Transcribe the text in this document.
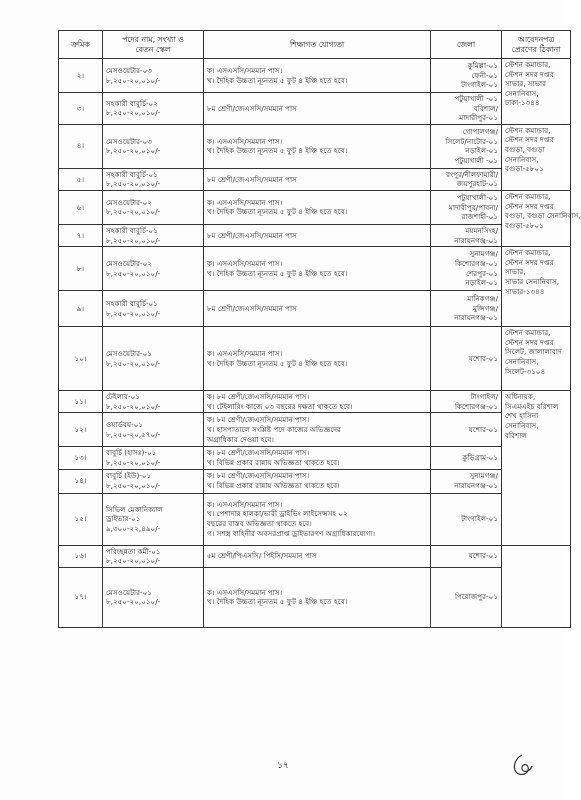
ক্রমিক	পদের নাম, সংখ্যা ও
বেতন স্কেল	শিক্ষাগত যোগ্যতা	জেলা	আবেদনপত্র
প্রেরণের ঠিকানা

২।	মেসওয়েটার-০৩
৮,২৫০-২০,০১০/-	ক। এসএসসি/সমমান পাস।
খ। দৈহিক উচ্চতা ন্যূনতম ৫ ফুট ৪ ইঞ্চি হতে হবে।	কুমিল্লা-০১
ফেনী-০১
টাংগাইল-০১	স্টেশন কমান্ডার,
স্টেশন সদর দপ্তর
সাভার, সাভার
সেনানিবাস,
ঢাকা-১৩৪৪

৩।	সহকারী বাবুর্চি-০২
৮,২৫০-২০,০১০/-	৮ম শ্রেণী/জেএসসি/সমমান পাস	পটুয়াখালী -০১
বরিশাল/
মাদারীপুর-০১	

৪।	মেসওয়েটার-০৩
৮,২৫০-২০,০১০/-	ক। এসএসসি/সমমান পাস।
খ। দৈহিক উচ্চতা ন্যূনতম ৫ ফুট ৪ ইঞ্চি হতে হবে।	গোপালগঞ্জ/
সিলেট/নাটোর-০১
নড়াইল-০১
পটুয়াখালী -০১	স্টেশন কমান্ডার,
স্টেশন সদর দপ্তর
বগুড়া, বগুড়া
সেনানিবাস,
বগুড়া-৫৮০১

৫।	সহকারী বাবুর্চি-০১
৮,২৫০-২০,০১০/-	৮ম শ্রেণী/জেএসসি/সমমান পাস	রংপুর/নীলফামারী/
জয়পুরহাট-০১	

৬।	মেসওয়েটার-০২
৮,২৫০-২০,০১০/-	ক। এসএসসি/সমমান পাস।
খ। দৈহিক উচ্চতা ন্যূনতম ৫ ফুট ৪ ইঞ্চি হতে হবে।	পটুয়াখালী-০১
মাদারীপুর/পাবনা/
রাজশাহী-০১	স্টেশন কমান্ডার,
স্টেশন সদর দপ্তর
বগুড়া, বগুড়া সেনানিবাস,
বগুড়া-৫৮০১

৭।	সহকারী বাবুর্চি-০১
৮,২৫০-২০,০১০/-	৮ম শ্রেণী/জেএসসি/সমমান পাস	ময়মনসিংহ/
নারায়নগঞ্জ-০১	

৮।	মেসওয়েটার-০২
৮,২৫০-২০,০১০/-	ক। এসএসসি/সমমান পাস।
খ। দৈহিক উচ্চতা ন্যূনতম ৫ ফুট ৪ ইঞ্চি হতে হবে।	সুনামগঞ্জ/
কিশোরগঞ্জ-০১
শেরপুর-০১
নড়াইল-০১	স্টেশন কমান্ডার,
স্টেশন সদর দপ্তর
সাভার,
সাভার সেনানিবাস,
সাভার-১৩৪৪

৯।	সহকারী বাবুর্চি-০১
৮,২৫০-২০,০১০/-	৮ম শ্রেণী/জেএসসি/সমমান পাস	মানিকগঞ্জ/
মুন্সিগঞ্জ/
নারায়নগঞ্জ-০১	

১০।	মেসওয়েটার-০১
৮,২৫০-২০,০১০/-	ক। এসএসসি/সমমান পাস।
খ। দৈহিক উচ্চতা ন্যূনতম ৫ ফুট ৪ ইঞ্চি হতে হবে।	যশোর-০১	স্টেশন কমান্ডার,
স্টেশন সদর দপ্তর
সিলেট, জালালাবাদ
সেনানিবাস,
সিলেট-৩১০৪

১১।	টেইলার-০১
৮,২৫০-২০,০১০/-	ক। ৮ম শ্রেণী/জেএসসি/সমমান পাস।
খ। টেইলারিং কাজে ০৩ বছরের দক্ষতা থাকতে হবে।	টাংগাইল/
কিশোরগঞ্জ-০১	অধিনায়ক,
সিএমএইচ বরিশাল
শেখ হাসিনা
সেনানিবাস,
বরিশাল

১২।	ওয়ার্ডবয়-০১
৮,২৫০-২০,৫৭০/-	ক। ৮ম শ্রেণী/জেএসসি/সমমান পাস।
খ। হাসপাতালে সংশ্লিষ্ট পদে কাজের অভিজ্ঞদের
অগ্রাধিকার দেওয়া হবে।	যশোর-০১	

১৩।	বাবুর্চি (হাসঃ)-০১
৮,২৫০-২০,০১০/-	ক। ৮ম শ্রেণী/জেএসসি/সমমান পাস।
খ। বিভিন্ন প্রকার রান্নায় অভিজ্ঞতা থাকতে হবে।	কুড়িগ্রাম-০১	

১৪।	বাবুর্চি (ইউ)-০১
৮,২৫০-২০,০১০/-	ক। ৮ম শ্রেণী/জেএসসি/সমমান পাস।
খ। বিভিন্ন প্রকার রান্নায় অভিজ্ঞতা থাকতে হবে।	সুনামগঞ্জ/
নারায়নগঞ্জ-০১	

১৫।	সিভিল মেকানিক্যাল
ড্রাইভার-০১
৯,৩০০-২২,৪৯০/-	ক। এসএসসি/সমমান পাস।
খ। পেশাদার হালকা/ভারী ড্রাইভিং লাইসেন্সসহ ০২
বছরের বাস্তব অভিজ্ঞতা থাকতে হবে।
গ। সশস্ত্র বাহিনীর অবসরপ্রাপ্ত ড্রাইভারগণ অগ্রাধিকারযোগ্য।	টাংগাইল-০১	

১৬।	পরিচ্ছন্নতা কর্মী-০১
৮,২৫০-২০,০১০/-	৫ম শ্রেণী/পিএসসি/ পিইসি/সমমান পাস	যশোর-০১	

১৭।	মেসওয়েটার-০১
৮,২৫০-২০,০১০/-	ক। এসএসসি/সমমান পাস।
খ। দৈহিক উচ্চতা ন্যূনতম ৫ ফুট ৪ ইঞ্চি হতে হবে।	পিরোজপুর-০১	
১৭
